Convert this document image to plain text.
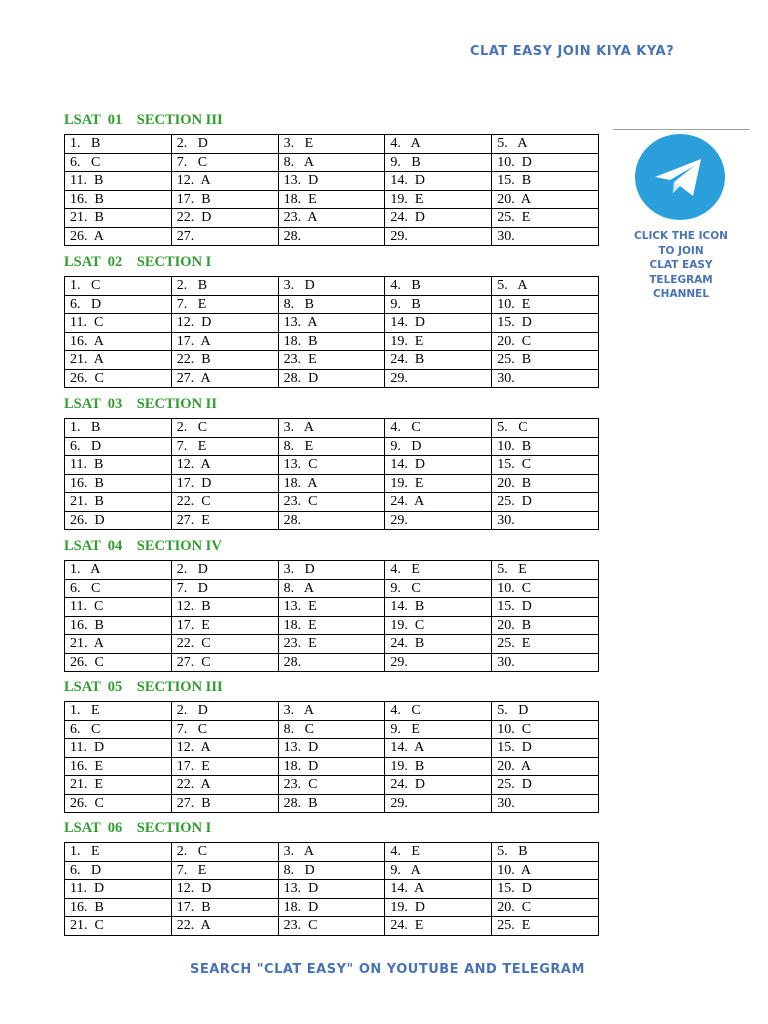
CLAT EASY JOIN KIYA KYA?
CLICK THE ICON
TO JOIN
CLAT EASY
TELEGRAM
CHANNEL
LSAT  01    SECTION III
1.   B	2.   D	3.   E	4.   A	5.   A
6.   C	7.   C	8.   A	9.   B	10.  D
11.  B	12.  A	13.  D	14.  D	15.  B
16.  B	17.  B	18.  E	19.  E	20.  A
21.  B	22.  D	23.  A	24.  D	25.  E
26.  A	27.	28.	29.	30.
LSAT  02    SECTION I
1.   C	2.   B	3.   D	4.   B	5.   A
6.   D	7.   E	8.   B	9.   B	10.  E
11.  C	12.  D	13.  A	14.  D	15.  D
16.  A	17.  A	18.  B	19.  E	20.  C
21.  A	22.  B	23.  E	24.  B	25.  B
26.  C	27.  A	28.  D	29.	30.
LSAT  03    SECTION II
1.   B	2.   C	3.   A	4.   C	5.   C
6.   D	7.   E	8.   E	9.   D	10.  B
11.  B	12.  A	13.  C	14.  D	15.  C
16.  B	17.  D	18.  A	19.  E	20.  B
21.  B	22.  C	23.  C	24.  A	25.  D
26.  D	27.  E	28.	29.	30.
LSAT  04    SECTION IV
1.   A	2.   D	3.   D	4.   E	5.   E
6.   C	7.   D	8.   A	9.   C	10.  C
11.  C	12.  B	13.  E	14.  B	15.  D
16.  B	17.  E	18.  E	19.  C	20.  B
21.  A	22.  C	23.  E	24.  B	25.  E
26.  C	27.  C	28.	29.	30.
LSAT  05    SECTION III
1.   E	2.   D	3.   A	4.   C	5.   D
6.   C	7.   C	8.   C	9.   E	10.  C
11.  D	12.  A	13.  D	14.  A	15.  D
16.  E	17.  E	18.  D	19.  B	20.  A
21.  E	22.  A	23.  C	24.  D	25.  D
26.  C	27.  B	28.  B	29.	30.
LSAT  06    SECTION I
1.   E	2.   C	3.   A	4.   E	5.   B
6.   D	7.   E	8.   D	9.   A	10.  A
11.  D	12.  D	13.  D	14.  A	15.  D
16.  B	17.  B	18.  D	19.  D	20.  C
21.  C	22.  A	23.  C	24.  E	25.  E
SEARCH "CLAT EASY" ON YOUTUBE AND TELEGRAM
